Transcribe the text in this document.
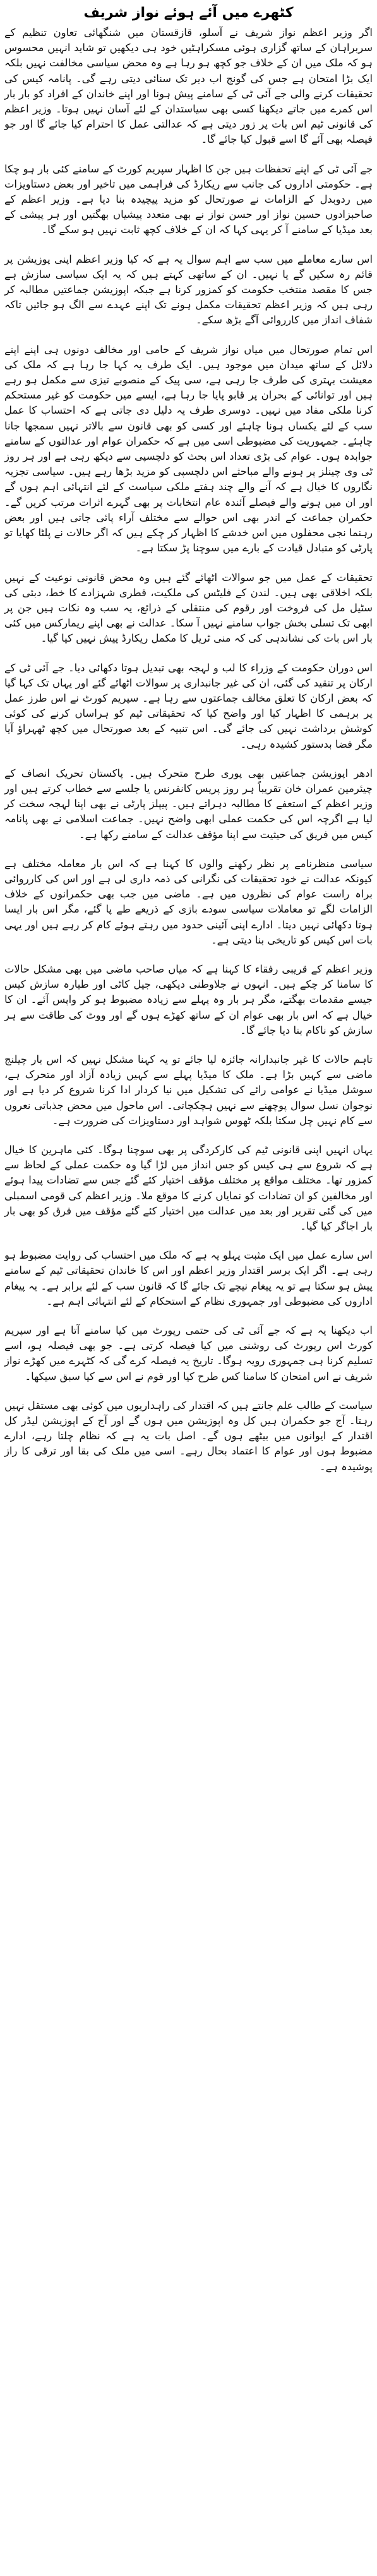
کٹھرے میں آئے ہوئے نواز شریف

اگر وزیر اعظم نواز شریف نے آسلو، قازقستان میں شنگھائی تعاون تنظیم کے سربراہان کے ساتھ گزاری ہوئی مسکراہٹیں خود ہی دیکھیں تو شاید انہیں محسوس ہو کہ ملک میں ان کے خلاف جو کچھ ہو رہا ہے وہ محض سیاسی مخالفت نہیں بلکہ ایک بڑا امتحان ہے جس کی گونج اب دیر تک سنائی دیتی رہے گی۔ پانامہ کیس کی تحقیقات کرنے والی جے آئی ٹی کے سامنے پیش ہونا اور اپنے خاندان کے افراد کو بار بار اس کمرے میں جاتے دیکھنا کسی بھی سیاستدان کے لئے آسان نہیں ہوتا۔ وزیر اعظم کی قانونی ٹیم اس بات پر زور دیتی ہے کہ عدالتی عمل کا احترام کیا جائے گا اور جو فیصلہ بھی آئے گا اسے قبول کیا جائے گا۔

جے آئی ٹی کے اپنے تحفظات ہیں جن کا اظہار سپریم کورٹ کے سامنے کئی بار ہو چکا ہے۔ حکومتی اداروں کی جانب سے ریکارڈ کی فراہمی میں تاخیر اور بعض دستاویزات میں ردوبدل کے الزامات نے صورتحال کو مزید پیچیدہ بنا دیا ہے۔ وزیر اعظم کے صاحبزادوں حسین نواز اور حسن نواز نے بھی متعدد پیشیاں بھگتیں اور ہر پیشی کے بعد میڈیا کے سامنے آ کر یہی کہا کہ ان کے خلاف کچھ ثابت نہیں ہو سکے گا۔

اس سارے معاملے میں سب سے اہم سوال یہ ہے کہ کیا وزیر اعظم اپنی پوزیشن پر قائم رہ سکیں گے یا نہیں۔ ان کے ساتھی کہتے ہیں کہ یہ ایک سیاسی سازش ہے جس کا مقصد منتخب حکومت کو کمزور کرنا ہے جبکہ اپوزیشن جماعتیں مطالبہ کر رہی ہیں کہ وزیر اعظم تحقیقات مکمل ہونے تک اپنے عہدے سے الگ ہو جائیں تاکہ شفاف انداز میں کارروائی آگے بڑھ سکے۔

اس تمام صورتحال میں میاں نواز شریف کے حامی اور مخالف دونوں ہی اپنے اپنے دلائل کے ساتھ میدان میں موجود ہیں۔ ایک طرف یہ کہا جا رہا ہے کہ ملک کی معیشت بہتری کی طرف جا رہی ہے، سی پیک کے منصوبے تیزی سے مکمل ہو رہے ہیں اور توانائی کے بحران پر قابو پایا جا رہا ہے، ایسے میں حکومت کو غیر مستحکم کرنا ملکی مفاد میں نہیں۔ دوسری طرف یہ دلیل دی جاتی ہے کہ احتساب کا عمل سب کے لئے یکساں ہونا چاہئے اور کسی کو بھی قانون سے بالاتر نہیں سمجھا جانا چاہئے۔ جمہوریت کی مضبوطی اسی میں ہے کہ حکمران عوام اور عدالتوں کے سامنے جوابدہ ہوں۔ عوام کی بڑی تعداد اس بحث کو دلچسپی سے دیکھ رہی ہے اور ہر روز ٹی وی چینلز پر ہونے والے مباحثے اس دلچسپی کو مزید بڑھا رہے ہیں۔ سیاسی تجزیہ نگاروں کا خیال ہے کہ آنے والے چند ہفتے ملکی سیاست کے لئے انتہائی اہم ہوں گے اور ان میں ہونے والے فیصلے آئندہ عام انتخابات پر بھی گہرے اثرات مرتب کریں گے۔ حکمران جماعت کے اندر بھی اس حوالے سے مختلف آراء پائی جاتی ہیں اور بعض رہنما نجی محفلوں میں اس خدشے کا اظہار کر چکے ہیں کہ اگر حالات نے پلٹا کھایا تو پارٹی کو متبادل قیادت کے بارے میں سوچنا پڑ سکتا ہے۔

تحقیقات کے عمل میں جو سوالات اٹھائے گئے ہیں وہ محض قانونی نوعیت کے نہیں بلکہ اخلاقی بھی ہیں۔ لندن کے فلیٹس کی ملکیت، قطری شہزادے کا خط، دبئی کی سٹیل مل کی فروخت اور رقوم کی منتقلی کے ذرائع، یہ سب وہ نکات ہیں جن پر ابھی تک تسلی بخش جواب سامنے نہیں آ سکا۔ عدالت نے بھی اپنے ریمارکس میں کئی بار اس بات کی نشاندہی کی کہ منی ٹریل کا مکمل ریکارڈ پیش نہیں کیا گیا۔

اس دوران حکومت کے وزراء کا لب و لہجہ بھی تبدیل ہوتا دکھائی دیا۔ جے آئی ٹی کے ارکان پر تنقید کی گئی، ان کی غیر جانبداری پر سوالات اٹھائے گئے اور یہاں تک کہا گیا کہ بعض ارکان کا تعلق مخالف جماعتوں سے رہا ہے۔ سپریم کورٹ نے اس طرز عمل پر برہمی کا اظہار کیا اور واضح کیا کہ تحقیقاتی ٹیم کو ہراساں کرنے کی کوئی کوشش برداشت نہیں کی جائے گی۔ اس تنبیہ کے بعد صورتحال میں کچھ ٹھہراؤ آیا مگر فضا بدستور کشیدہ رہی۔

ادھر اپوزیشن جماعتیں بھی پوری طرح متحرک ہیں۔ پاکستان تحریک انصاف کے چیئرمین عمران خان تقریباً ہر روز پریس کانفرنس یا جلسے سے خطاب کرتے ہیں اور وزیر اعظم کے استعفے کا مطالبہ دہراتے ہیں۔ پیپلز پارٹی نے بھی اپنا لہجہ سخت کر لیا ہے اگرچہ اس کی حکمت عملی ابھی واضح نہیں۔ جماعت اسلامی نے بھی پانامہ کیس میں فریق کی حیثیت سے اپنا مؤقف عدالت کے سامنے رکھا ہے۔

سیاسی منظرنامے پر نظر رکھنے والوں کا کہنا ہے کہ اس بار معاملہ مختلف ہے کیونکہ عدالت نے خود تحقیقات کی نگرانی کی ذمہ داری لی ہے اور اس کی کارروائی براہ راست عوام کی نظروں میں ہے۔ ماضی میں جب بھی حکمرانوں کے خلاف الزامات لگے تو معاملات سیاسی سودے بازی کے ذریعے طے پا گئے، مگر اس بار ایسا ہوتا دکھائی نہیں دیتا۔ ادارے اپنی آئینی حدود میں رہتے ہوئے کام کر رہے ہیں اور یہی بات اس کیس کو تاریخی بنا دیتی ہے۔

وزیر اعظم کے قریبی رفقاء کا کہنا ہے کہ میاں صاحب ماضی میں بھی مشکل حالات کا سامنا کر چکے ہیں۔ انہوں نے جلاوطنی دیکھی، جیل کاٹی اور طیارہ سازش کیس جیسے مقدمات بھگتے، مگر ہر بار وہ پہلے سے زیادہ مضبوط ہو کر واپس آئے۔ ان کا خیال ہے کہ اس بار بھی عوام ان کے ساتھ کھڑے ہوں گے اور ووٹ کی طاقت سے ہر سازش کو ناکام بنا دیا جائے گا۔

تاہم حالات کا غیر جانبدارانہ جائزہ لیا جائے تو یہ کہنا مشکل نہیں کہ اس بار چیلنج ماضی سے کہیں بڑا ہے۔ ملک کا میڈیا پہلے سے کہیں زیادہ آزاد اور متحرک ہے، سوشل میڈیا نے عوامی رائے کی تشکیل میں نیا کردار ادا کرنا شروع کر دیا ہے اور نوجوان نسل سوال پوچھنے سے نہیں ہچکچاتی۔ اس ماحول میں محض جذباتی نعروں سے کام نہیں چل سکتا بلکہ ٹھوس شواہد اور دستاویزات کی ضرورت ہے۔

یہاں انہیں اپنی قانونی ٹیم کی کارکردگی پر بھی سوچنا ہوگا۔ کئی ماہرین کا خیال ہے کہ شروع سے ہی کیس کو جس انداز میں لڑا گیا وہ حکمت عملی کے لحاظ سے کمزور تھا۔ مختلف مواقع پر مختلف مؤقف اختیار کئے گئے جس سے تضادات پیدا ہوئے اور مخالفین کو ان تضادات کو نمایاں کرنے کا موقع ملا۔ وزیر اعظم کی قومی اسمبلی میں کی گئی تقریر اور بعد میں عدالت میں اختیار کئے گئے مؤقف میں فرق کو بھی بار بار اجاگر کیا گیا۔

اس سارے عمل میں ایک مثبت پہلو یہ ہے کہ ملک میں احتساب کی روایت مضبوط ہو رہی ہے۔ اگر ایک برسر اقتدار وزیر اعظم اور اس کا خاندان تحقیقاتی ٹیم کے سامنے پیش ہو سکتا ہے تو یہ پیغام نیچے تک جائے گا کہ قانون سب کے لئے برابر ہے۔ یہ پیغام اداروں کی مضبوطی اور جمہوری نظام کے استحکام کے لئے انتہائی اہم ہے۔

اب دیکھنا یہ ہے کہ جے آئی ٹی کی حتمی رپورٹ میں کیا سامنے آتا ہے اور سپریم کورٹ اس رپورٹ کی روشنی میں کیا فیصلہ کرتی ہے۔ جو بھی فیصلہ ہو، اسے تسلیم کرنا ہی جمہوری رویہ ہوگا۔ تاریخ یہ فیصلہ کرے گی کہ کٹہرے میں کھڑے نواز شریف نے اس امتحان کا سامنا کس طرح کیا اور قوم نے اس سے کیا سبق سیکھا۔

سیاست کے طالب علم جانتے ہیں کہ اقتدار کی راہداریوں میں کوئی بھی مستقل نہیں رہتا۔ آج جو حکمران ہیں کل وہ اپوزیشن میں ہوں گے اور آج کے اپوزیشن لیڈر کل اقتدار کے ایوانوں میں بیٹھے ہوں گے۔ اصل بات یہ ہے کہ نظام چلتا رہے، ادارے مضبوط ہوں اور عوام کا اعتماد بحال رہے۔ اسی میں ملک کی بقا اور ترقی کا راز پوشیدہ ہے۔
